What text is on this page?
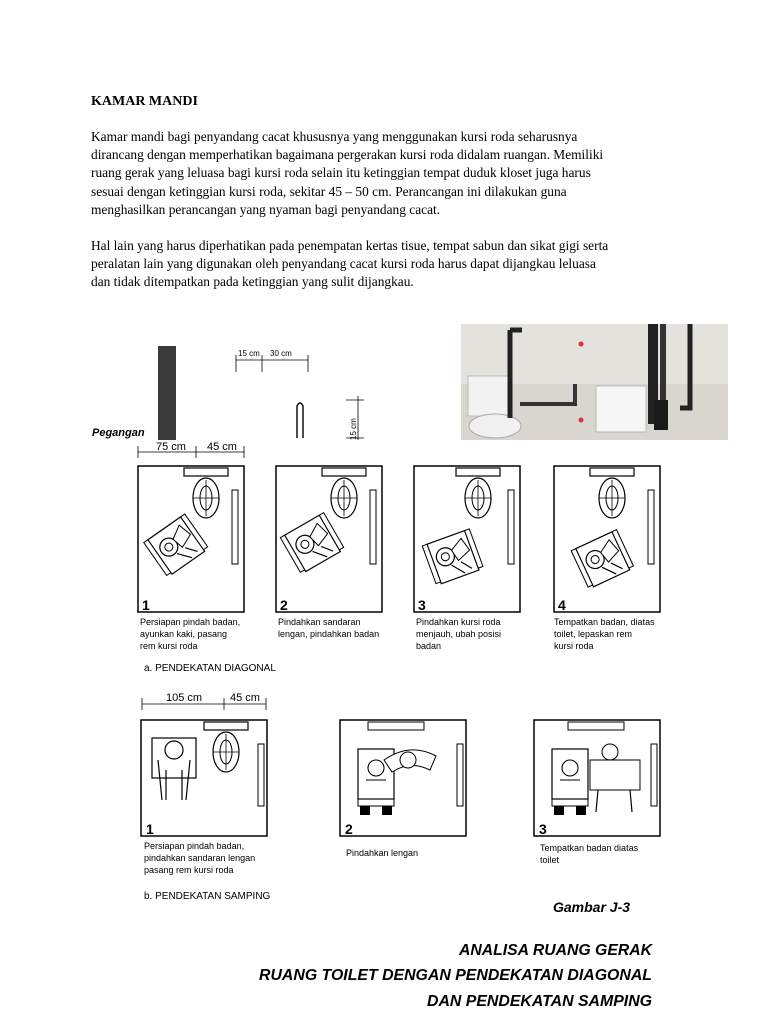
KAMAR MANDI
Kamar mandi bagi penyandang cacat khususnya yang menggunakan kursi roda seharusnya
dirancang dengan memperhatikan bagaimana pergerakan kursi roda didalam ruangan. Memiliki
ruang gerak yang leluasa bagi kursi roda selain itu ketinggian tempat duduk kloset juga harus
sesuai dengan ketinggian kursi roda, sekitar 45 – 50 cm. Perancangan ini dilakukan guna
menghasilkan perancangan yang nyaman bagi penyandang cacat.
Hal lain yang harus diperhatikan pada penempatan kertas tisue, tempat sabun dan sikat gigi serta
peralatan lain yang digunakan oleh penyandang cacat kursi roda harus dapat dijangkau leluasa
dan tidak ditempatkan pada ketinggian yang sulit dijangkau.
Pegangan
15 cm 30 cm
15 cm
75 cm 45 cm
1	2	3	4
Persiapan pindah badan,
ayunkan kaki, pasang
rem kursi roda
Pindahkan sandaran
lengan, pindahkan badan
Pindahkan kursi roda
menjauh, ubah posisi
badan
Tempatkan badan, diatas
toilet, lepaskan rem
kursi roda
a. PENDEKATAN DIAGONAL
105 cm	45 cm
1	2	3
Persiapan pindah badan,
pindahkan sandaran lengan
pasang rem kursi roda
Pindahkan lengan	Tempatkan badan diatas
toilet
b. PENDEKATAN SAMPING
Gambar J-3
ANALISA RUANG GERAK
RUANG TOILET DENGAN PENDEKATAN DIAGONAL
DAN PENDEKATAN SAMPING
